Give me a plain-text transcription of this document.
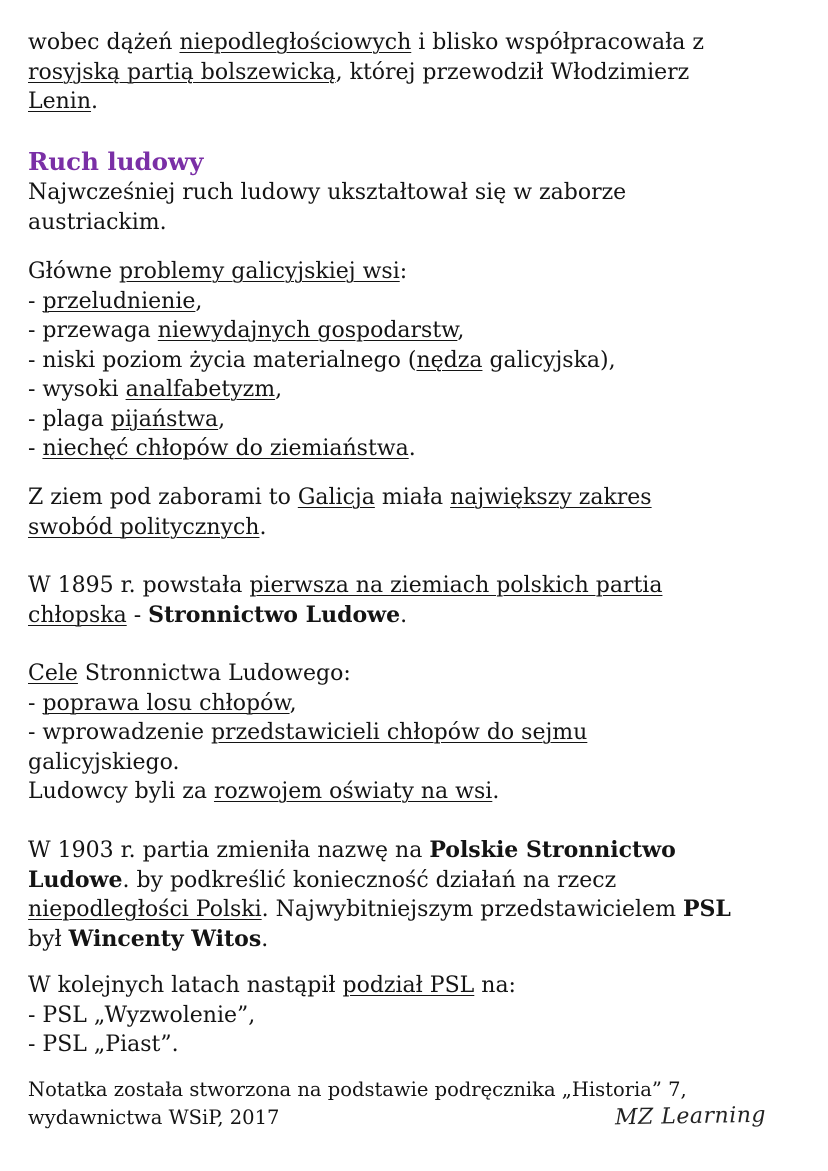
wobec dążeń niepodległościowych i blisko współpracowała z

rosyjską partią bolszewicką, której przewodził Włodzimierz

Lenin.

Ruch ludowy

Najwcześniej ruch ludowy ukształtował się w zaborze

austriackim.

Główne problemy galicyjskiej wsi:

- przeludnienie,

- przewaga niewydajnych gospodarstw,

- niski poziom życia materialnego (nędza galicyjska),

- wysoki analfabetyzm,

- plaga pijaństwa,

- niechęć chłopów do ziemiaństwa.

Z ziem pod zaborami to Galicja miała największy zakres

swobód politycznych.

W 1895 r. powstała pierwsza na ziemiach polskich partia

chłopska - Stronnictwo Ludowe.

Cele Stronnictwa Ludowego:

- poprawa losu chłopów,

- wprowadzenie przedstawicieli chłopów do sejmu

galicyjskiego.

Ludowcy byli za rozwojem oświaty na wsi.

W 1903 r. partia zmieniła nazwę na Polskie Stronnictwo

Ludowe. by podkreślić konieczność działań na rzecz

niepodległości Polski. Najwybitniejszym przedstawicielem PSL

był Wincenty Witos.

W kolejnych latach nastąpił podział PSL na:

- PSL „Wyzwolenie”,

- PSL „Piast”.

Notatka została stworzona na podstawie podręcznika „Historia” 7,
wydawnictwa WSiP, 2017	MZ Learning
